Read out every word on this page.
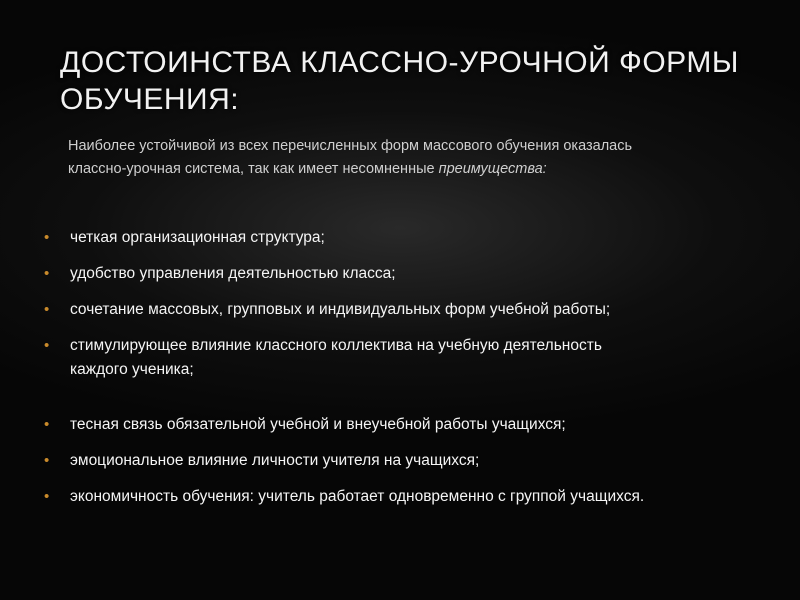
ДОСТОИНСТВА КЛАССНО-УРОЧНОЙ ФОРМЫ
ОБУЧЕНИЯ:
Наиболее устойчивой из всех перечисленных форм массового обучения оказалась
классно-урочная система, так как имеет несомненные преимущества:
• четкая организационная структура;
• удобство управления деятельностью класса;
• сочетание массовых, групповых и индивидуальных форм учебной работы;
• стимулирующее влияние классного коллектива на учебную деятельность
каждого ученика;
• тесная связь обязательной учебной и внеучебной работы учащихся;
• эмоциональное влияние личности учителя на учащихся;
• экономичность обучения: учитель работает одновременно с группой учащихся.
